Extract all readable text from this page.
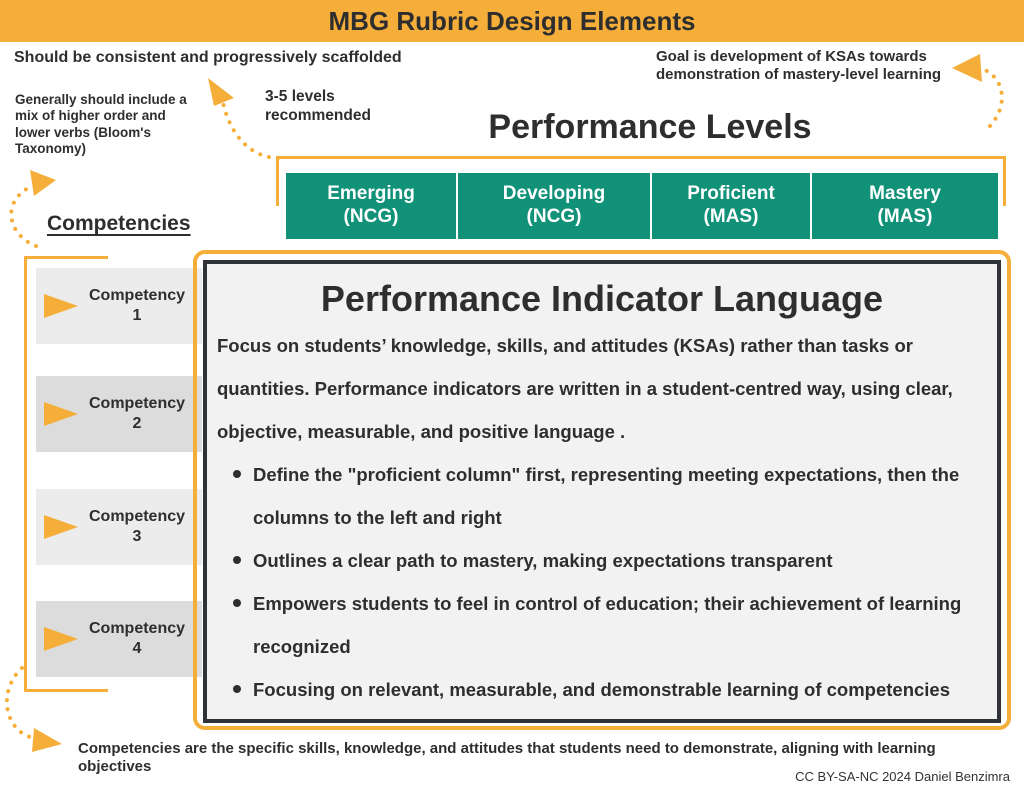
MBG Rubric Design Elements
Should be consistent and progressively scaffolded	Goal is development of KSAs towards demonstration of mastery-level learning
Generally should include a mix of higher order and lower verbs (Bloom's Taxonomy)
3-5 levels recommended	Performance Levels
Emerging
(NCG)
Developing
(NCG)
Proficient
(MAS)
Mastery
(MAS)
Competencies
Competency
1
Competency
2
Competency
3
Competency
4
Performance Indicator Language
Focus on students’ knowledge, skills, and attitudes (KSAs) rather than tasks or quantities. Performance indicators are written in a student-centred way, using clear, objective, measurable, and positive language .
Define the "proficient column" first, representing meeting expectations, then the columns to the left and right
Outlines a clear path to mastery, making expectations transparent
Empowers students to feel in control of education; their achievement of learning recognized
Focusing on relevant, measurable, and demonstrable learning of competencies
Competencies are the specific skills, knowledge, and attitudes that students need to demonstrate, aligning with learning objectives
CC BY-SA-NC 2024 Daniel Benzimra
